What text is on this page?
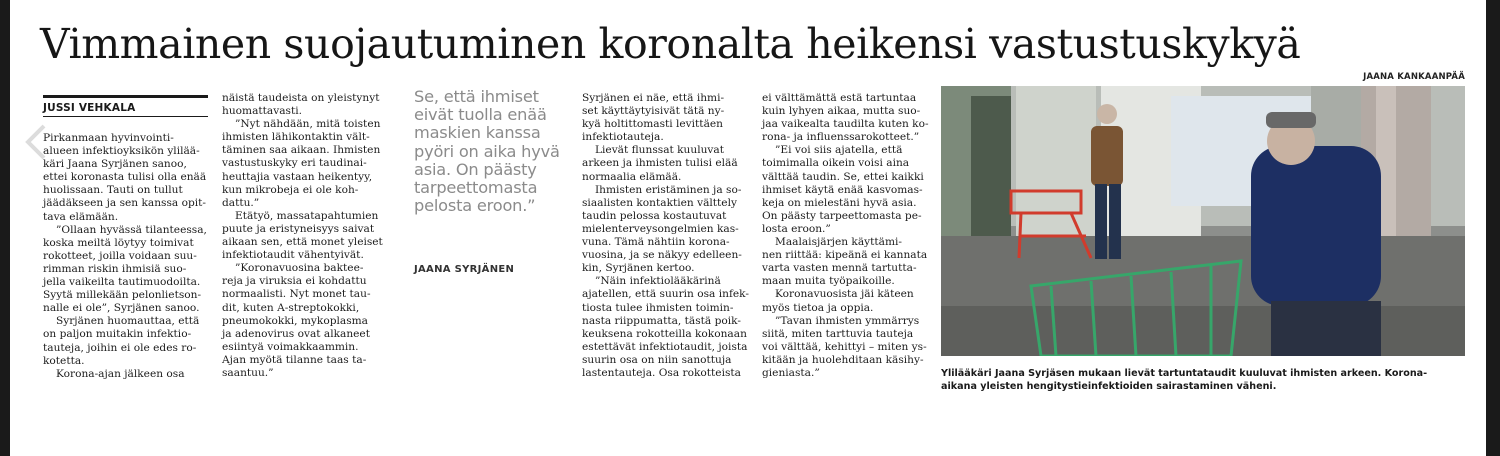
Vimmainen suojautuminen koronalta heikensi vastustuskykyä
JUSSI VEHKALA

Pirkanmaan hyvinvointi-

alueen infektioyksikön ylilää-

käri Jaana Syrjänen sanoo,

ettei koronasta tulisi olla enää

huolissaan. Tauti on tullut

jäädäkseen ja sen kanssa opit-

tava elämään.

”Ollaan hyvässä tilanteessa,

koska meiltä löytyy toimivat

rokotteet, joilla voidaan suu-

rimman riskin ihmisiä suo-

jella vaikeilta tautimuodoilta.

Syytä millekään pelonlietson-

nalle ei ole”, Syrjänen sanoo.

Syrjänen huomauttaa, että

on paljon muitakin infektio-

tauteja, joihin ei ole edes ro-

kotetta.

Korona-ajan jälkeen osa

näistä taudeista on yleistynyt

huomattavasti.

”Nyt nähdään, mitä toisten

ihmisten lähikontaktin vält-

täminen saa aikaan. Ihmisten

vastustuskyky eri taudinai-

heuttajia vastaan heikentyy,

kun mikrobeja ei ole koh-

dattu.”

Etätyö, massatapahtumien

puute ja eristyneisyys saivat

aikaan sen, että monet yleiset

infektiotaudit vähentyivät.

”Koronavuosina baktee-

reja ja viruksia ei kohdattu

normaalisti. Nyt monet tau-

dit, kuten A-streptokokki,

pneumokokki, mykoplasma

ja adenovirus ovat alkaneet

esiintyä voimakkaammin.

Ajan myötä tilanne taas ta-

saantuu.”

Syrjänen ei näe, että ihmi-

set käyttäytyisivät tätä ny-

kyä holtittomasti levittäen

infektiotauteja.

Lievät flunssat kuuluvat

arkeen ja ihmisten tulisi elää

normaalia elämää.

Ihmisten eristäminen ja so-

siaalisten kontaktien välttely

taudin pelossa kostautuvat

mielenterveysongelmien kas-

vuna. Tämä nähtiin korona-

vuosina, ja se näkyy edelleen-

kin, Syrjänen kertoo.

”Näin infektiolääkärinä

ajatellen, että suurin osa infek-

tiosta tulee ihmisten toimin-

nasta riippumatta, tästä poik-

keuksena rokotteilla kokonaan

estettävät infektiotaudit, joista

suurin osa on niin sanottuja

lastentauteja. Osa rokotteista

ei välttämättä estä tartuntaa

kuin lyhyen aikaa, mutta suo-

jaa vaikealta taudilta kuten ko-

rona- ja influenssarokotteet.”

”Ei voi siis ajatella, että

toimimalla oikein voisi aina

välttää taudin. Se, ettei kaikki

ihmiset käytä enää kasvomas-

keja on mielestäni hyvä asia.

On päästy tarpeettomasta pe-

losta eroon.”

Maalaisjärjen käyttämi-

nen riittää: kipeänä ei kannata

varta vasten mennä tartutta-

maan muita työpaikoille.

Koronavuosista jäi käteen

myös tietoa ja oppia.

”Tavan ihmisten ymmärrys

siitä, miten tarttuvia tauteja

voi välttää, kehittyi – miten ys-

kitään ja huolehditaan käsihy-

gieniasta.”

Se, että ihmiset eivät tuolla enää maskien kanssa pyöri on aika hyvä asia. On päästy tarpeettomasta pelosta eroon.”
JAANA SYRJÄNEN
JAANA KANKAANPÄÄ
Ylilääkäri Jaana Syrjäsen mukaan lievät tartuntataudit kuuluvat ihmisten arkeen. Korona-aikana yleisten hengitystieinfektioiden sairastaminen väheni.
